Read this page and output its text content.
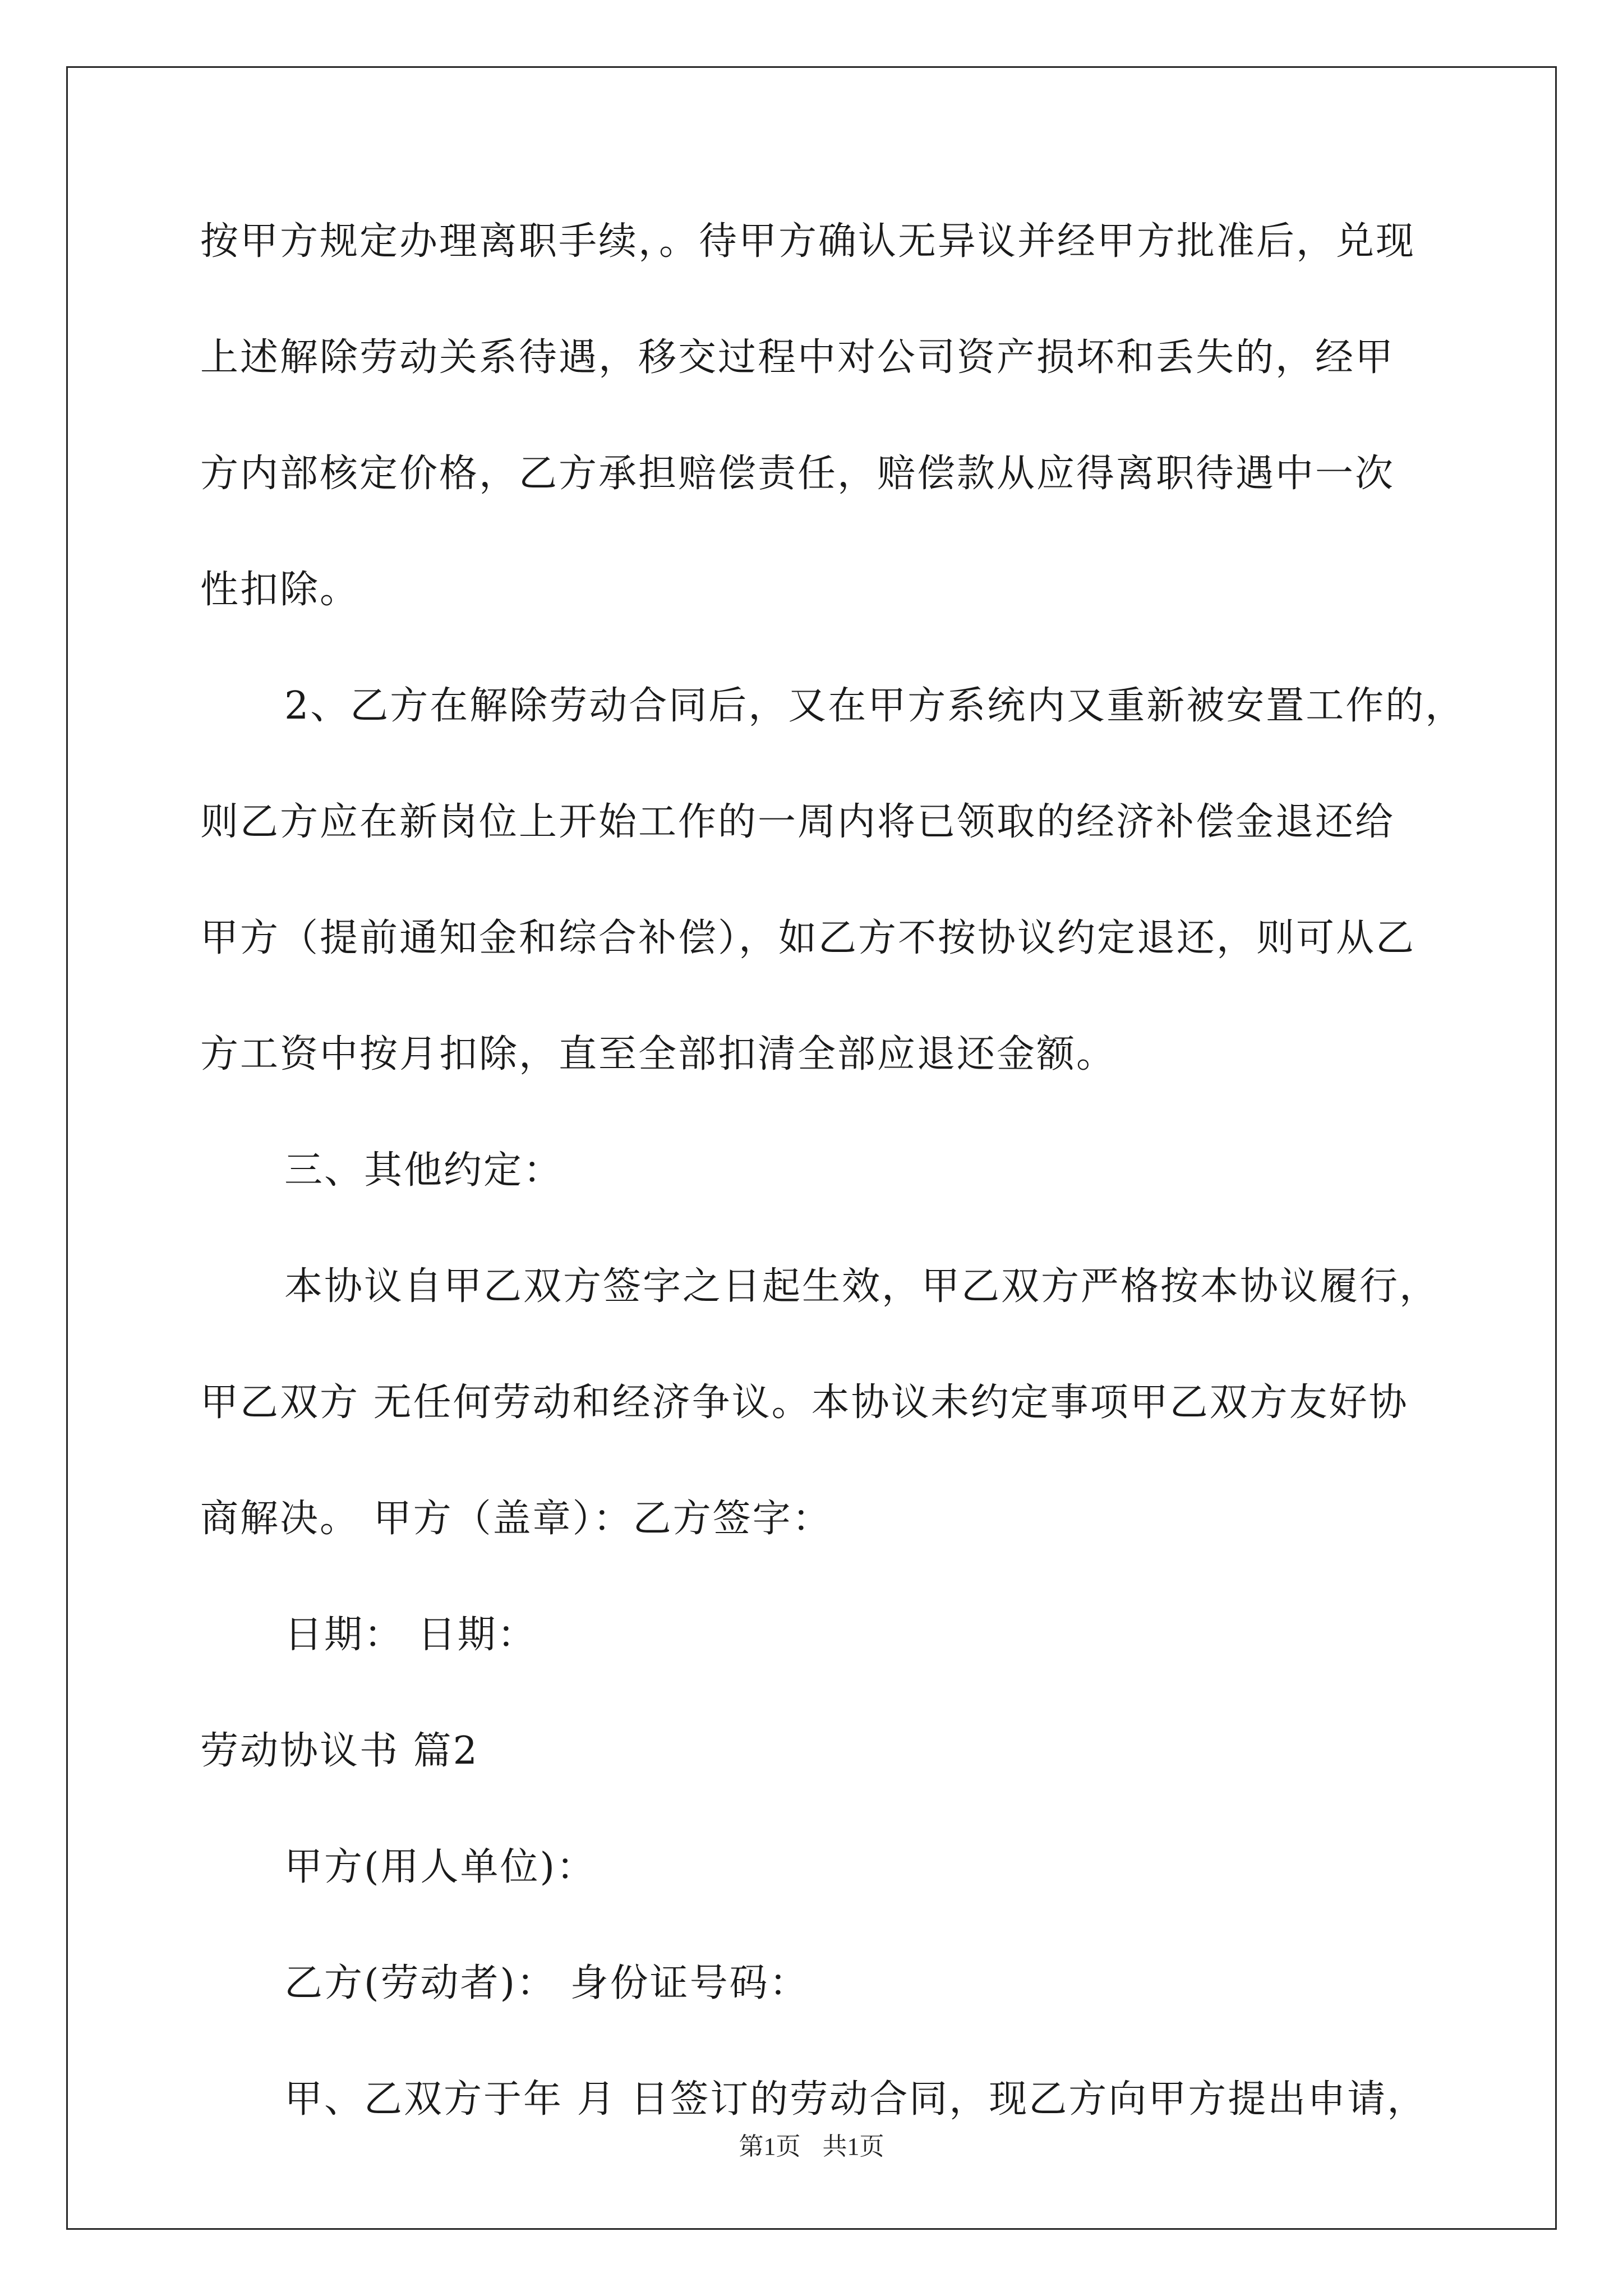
按甲方规定办理离职手续，。待甲方确认无异议并经甲方批准后，兑现
上述解除劳动关系待遇，移交过程中对公司资产损坏和丢失的，经甲
方内部核定价格，乙方承担赔偿责任，赔偿款从应得离职待遇中一次
性扣除。
2、乙方在解除劳动合同后，又在甲方系统内又重新被安置工作的，
则乙方应在新岗位上开始工作的一周内将已领取的经济补偿金退还给
甲方（提前通知金和综合补偿），如乙方不按协议约定退还，则可从乙
方工资中按月扣除，直至全部扣清全部应退还金额。
三、其他约定：
本协议自甲乙双方签字之日起生效，甲乙双方严格按本协议履行，
甲乙双方 无任何劳动和经济争议。本协议未约定事项甲乙双方友好协
商解决。 甲方（盖章）：乙方签字：
日期： 日期：
劳动协议书 篇2
甲方(用人单位)：
乙方(劳动者)： 身份证号码：
甲、乙双方于年 月 日签订的劳动合同，现乙方向甲方提出申请，
第1页 共1页
